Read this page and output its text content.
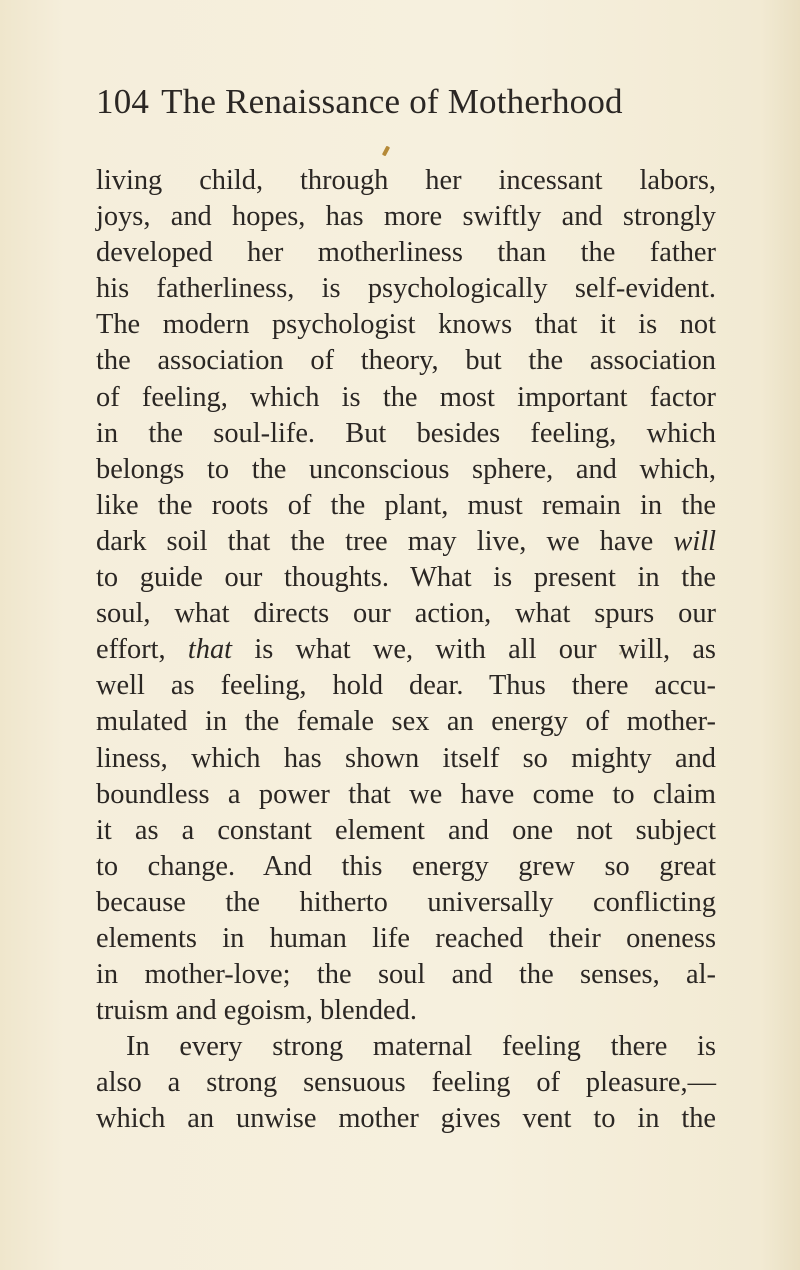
104 The Renaissance of Motherhood
living child, through her incessant labors,
joys, and hopes, has more swiftly and strongly
developed her motherliness than the father
his fatherliness, is psychologically self-evident.
The modern psychologist knows that it is not
the association of theory, but the association
of feeling, which is the most important factor
in the soul-life. But besides feeling, which
belongs to the unconscious sphere, and which,
like the roots of the plant, must remain in the
dark soil that the tree may live, we have will
to guide our thoughts. What is present in the
soul, what directs our action, what spurs our
effort, that is what we, with all our will, as
well as feeling, hold dear. Thus there accu-
mulated in the female sex an energy of mother-
liness, which has shown itself so mighty and
boundless a power that we have come to claim
it as a constant element and one not subject
to change. And this energy grew so great
because the hitherto universally conflicting
elements in human life reached their oneness
in mother-love; the soul and the senses, al-
truism and egoism, blended.
In every strong maternal feeling there is
also a strong sensuous feeling of pleasure,—
which an unwise mother gives vent to in the
